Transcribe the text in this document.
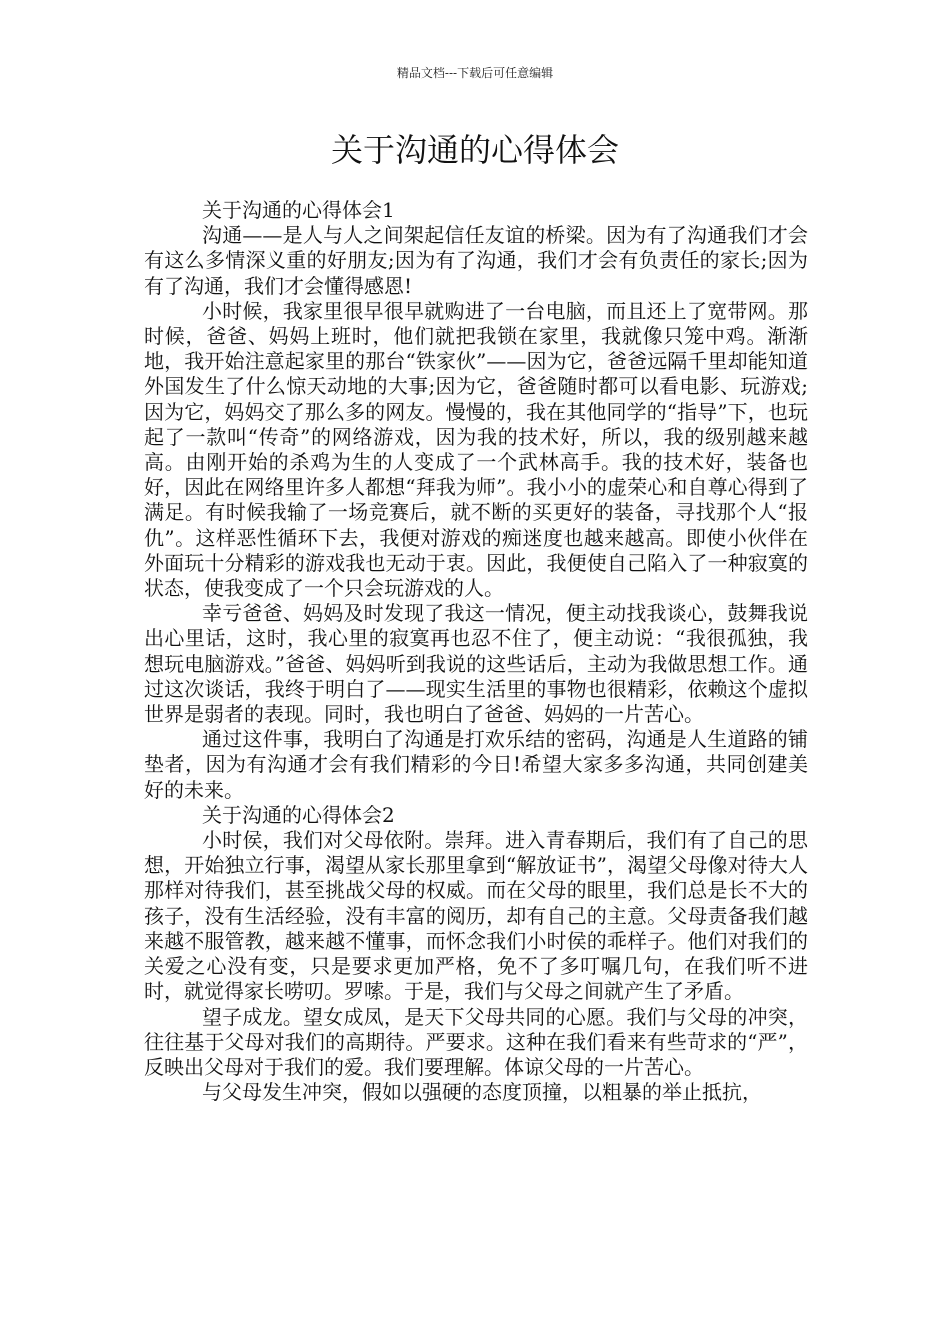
精品文档---下载后可任意编辑
关于沟通的心得体会

关于沟通的心得体会1

沟通——是人与人之间架起信任友谊的桥梁。因为有了沟通我们才会有这么多情深义重的好朋友;因为有了沟通，我们才会有负责任的家长;因为有了沟通，我们才会懂得感恩!

小时候，我家里很早很早就购进了一台电脑，而且还上了宽带网。那时候，爸爸、妈妈上班时，他们就把我锁在家里，我就像只笼中鸡。渐渐地，我开始注意起家里的那台“铁家伙”——因为它，爸爸远隔千里却能知道外国发生了什么惊天动地的大事;因为它，爸爸随时都可以看电影、玩游戏;因为它，妈妈交了那么多的网友。慢慢的，我在其他同学的“指导”下，也玩起了一款叫“传奇”的网络游戏，因为我的技术好，所以，我的级别越来越高。由刚开始的杀鸡为生的人变成了一个武林高手。我的技术好，装备也好，因此在网络里许多人都想“拜我为师”。我小小的虚荣心和自尊心得到了满足。有时候我输了一场竞赛后，就不断的买更好的装备，寻找那个人“报仇”。这样恶性循环下去，我便对游戏的痴迷度也越来越高。即使小伙伴在外面玩十分精彩的游戏我也无动于衷。因此，我便使自己陷入了一种寂寞的状态，使我变成了一个只会玩游戏的人。

幸亏爸爸、妈妈及时发现了我这一情况，便主动找我谈心，鼓舞我说出心里话，这时，我心里的寂寞再也忍不住了，便主动说：“我很孤独，我想玩电脑游戏。”爸爸、妈妈听到我说的这些话后，主动为我做思想工作。通过这次谈话，我终于明白了——现实生活里的事物也很精彩，依赖这个虚拟世界是弱者的表现。同时，我也明白了爸爸、妈妈的一片苦心。

通过这件事，我明白了沟通是打欢乐结的密码，沟通是人生道路的铺垫者，因为有沟通才会有我们精彩的今日!希望大家多多沟通，共同创建美好的未来。

关于沟通的心得体会2

小时侯，我们对父母依附。崇拜。进入青春期后，我们有了自己的思想，开始独立行事，渴望从家长那里拿到“解放证书”，渴望父母像对待大人那样对待我们，甚至挑战父母的权威。而在父母的眼里，我们总是长不大的孩子，没有生活经验，没有丰富的阅历，却有自己的主意。父母责备我们越来越不服管教，越来越不懂事，而怀念我们小时侯的乖样子。他们对我们的关爱之心没有变，只是要求更加严格，免不了多叮嘱几句，在我们听不进时，就觉得家长唠叨。罗嗦。于是，我们与父母之间就产生了矛盾。

望子成龙。望女成凤，是天下父母共同的心愿。我们与父母的冲突，往往基于父母对我们的高期待。严要求。这种在我们看来有些苛求的“严”，反映出父母对于我们的爱。我们要理解。体谅父母的一片苦心。

与父母发生冲突，假如以强硬的态度顶撞，以粗暴的举止抵抗，
